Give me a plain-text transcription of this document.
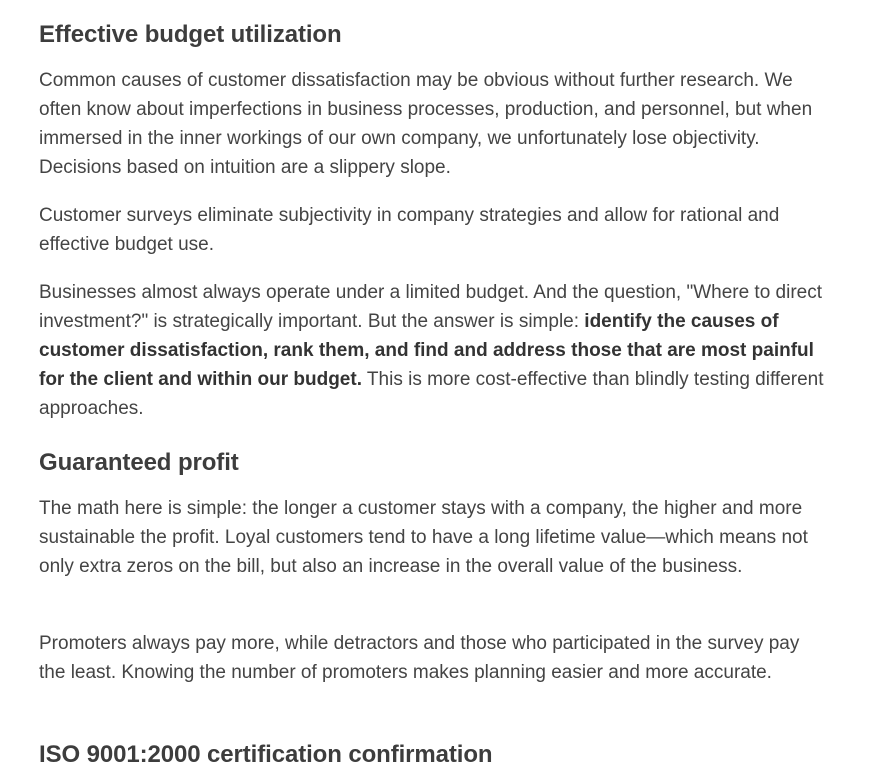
Effective budget utilization

Common causes of customer dissatisfaction may be obvious without further research. We often know about imperfections in business processes, production, and personnel, but when immersed in the inner workings of our own company, we unfortunately lose objectivity. Decisions based on intuition are a slippery slope.

Customer surveys eliminate subjectivity in company strategies and allow for rational and effective budget use.

Businesses almost always operate under a limited budget. And the question, "Where to direct investment?" is strategically important. But the answer is simple: identify the causes of customer dissatisfaction, rank them, and find and address those that are most painful for the client and within our budget. This is more cost-effective than blindly testing different approaches.

Guaranteed profit

The math here is simple: the longer a customer stays with a company, the higher and more sustainable the profit. Loyal customers tend to have a long lifetime value—which means not only extra zeros on the bill, but also an increase in the overall value of the business.

Promoters always pay more, while detractors and those who participated in the survey pay the least. Knowing the number of promoters makes planning easier and more accurate.

ISO 9001:2000 certification confirmation
